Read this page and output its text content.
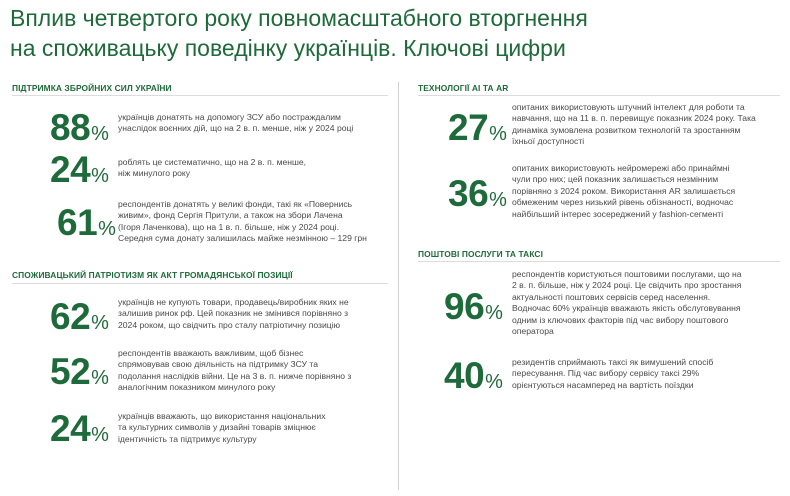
Вплив четвертого року повномасштабного вторгнення
на споживацьку поведінку українців. Ключові цифри
ПІДТРИМКА ЗБРОЙНИХ СИЛ УКРАЇНИ
88%
українців донатять на допомогу ЗСУ або постраждалим
унаслідок воєнних дій, що на 2 в. п. менше, ніж у 2024 році
24%
роблять це систематично, що на 2 в. п. менше,
ніж минулого року
61%
респондентів донатять у великі фонди, такі як «Повернись
живим», фонд Сергія Притули, а також на збори Лачена
(Ігоря Лаченкова), що на 1 в. п. більше, ніж у 2024 році.
Середня сума донату залишилась майже незмінною – 129 грн
СПОЖИВАЦЬКИЙ ПАТРІОТИЗМ ЯК АКТ ГРОМАДЯНСЬКОЇ ПОЗИЦІЇ
62%
українців не купують товари, продавець/виробник яких не
залишив ринок рф. Цей показник не змінився порівняно з
2024 роком, що свідчить про сталу патріотичну позицію
52%
респондентів вважають важливим, щоб бізнес
спрямовував свою діяльність на підтримку ЗСУ та
подолання наслідків війни. Це на 3 в. п. нижче порівняно з
аналогічним показником минулого року
24%
українців вважають, що використання національних
та культурних символів у дизайні товарів зміцнює
ідентичність та підтримує культуру
ТЕХНОЛОГІЇ AI ТА AR
27%
опитаних використовують штучний інтелект для роботи та
навчання, що на 11 в. п. перевищує показник 2024 року. Така
динаміка зумовлена розвитком технологій та зростанням
їхньої доступності
36%
опитаних використовують нейромережі або принаймні
чули про них; цей показник залишається незмінним
порівняно з 2024 роком. Використання AR залишається
обмеженим через низький рівень обізнаності, водночас
найбільший інтерес зосереджений у fashion-сегменті
ПОШТОВІ ПОСЛУГИ ТА ТАКСІ
96%
респондентів користуються поштовими послугами, що на
2 в. п. більше, ніж у 2024 році. Це свідчить про зростання
актуальності поштових сервісів серед населення.
Водночас 60% українців вважають якість обслуговування
одним із ключових факторів під час вибору поштового
оператора
40%
резидентів сприймають таксі як вимушений спосіб
пересування. Під час вибору сервісу таксі 29%
орієнтуються насамперед на вартість поїздки
